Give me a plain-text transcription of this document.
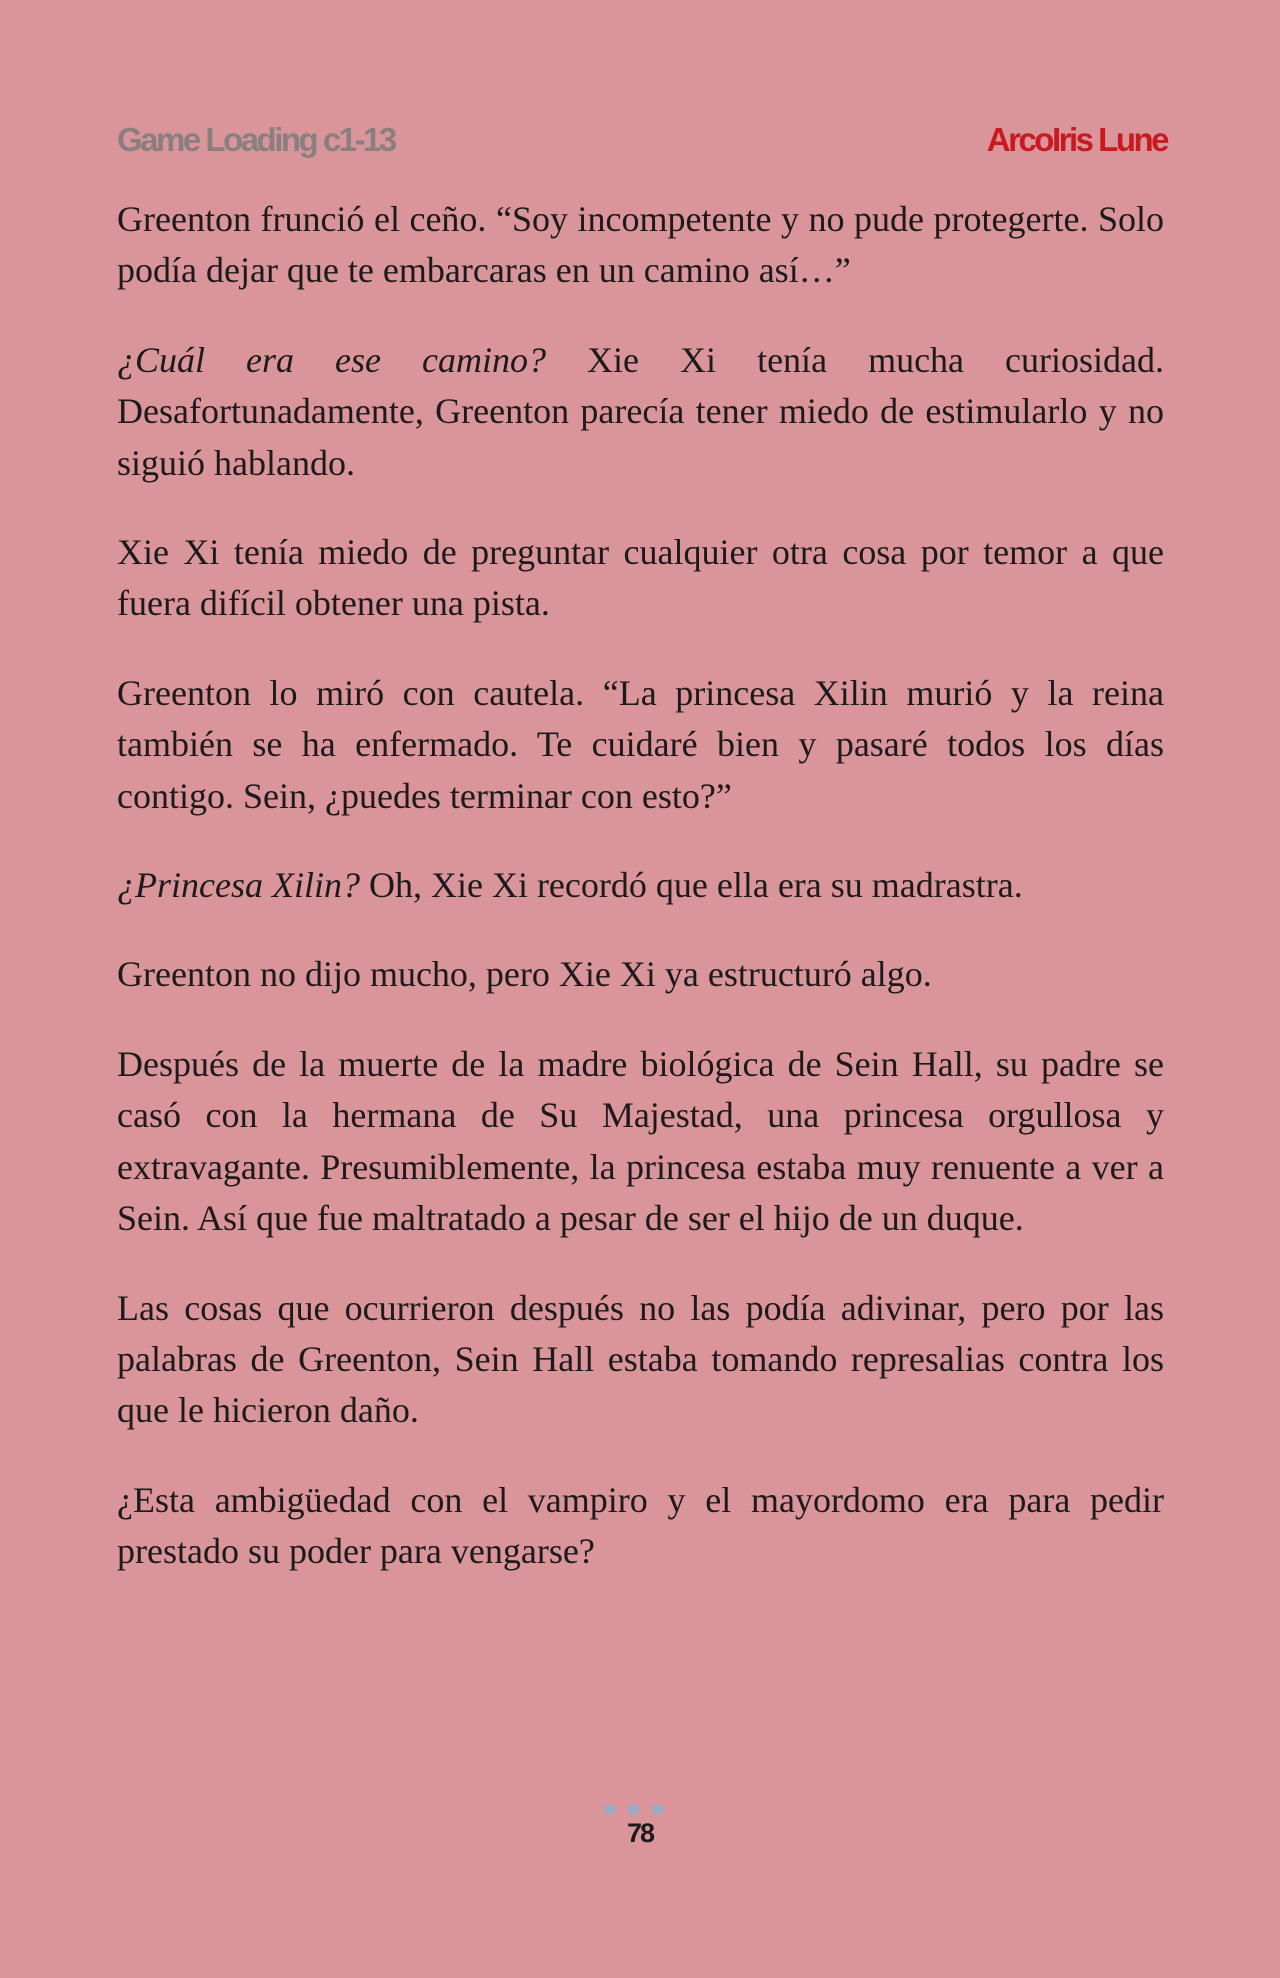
Game Loading c1-13	ArcoIris Lune

Greenton frunció el ceño. “Soy incompetente y no pude protegerte. Solo podía dejar que te embarcaras en un camino así…”

¿Cuál era ese camino? Xie Xi tenía mucha curiosidad. Desafortunadamente, Greenton parecía tener miedo de estimularlo y no siguió hablando.

Xie Xi tenía miedo de preguntar cualquier otra cosa por temor a que fuera difícil obtener una pista.

Greenton lo miró con cautela. “La princesa Xilin murió y la reina también se ha enfermado. Te cuidaré bien y pasaré todos los días contigo. Sein, ¿puedes terminar con esto?”

¿Princesa Xilin? Oh, Xie Xi recordó que ella era su madrastra.

Greenton no dijo mucho, pero Xie Xi ya estructuró algo.

Después de la muerte de la madre biológica de Sein Hall, su padre se casó con la hermana de Su Majestad, una princesa orgullosa y extravagante. Presumiblemente, la princesa estaba muy renuente a ver a Sein. Así que fue maltratado a pesar de ser el hijo de un duque.

Las cosas que ocurrieron después no las podía adivinar, pero por las palabras de Greenton, Sein Hall estaba tomando represalias contra los que le hicieron daño.

¿Esta ambigüedad con el vampiro y el mayordomo era para pedir prestado su poder para vengarse?

78
